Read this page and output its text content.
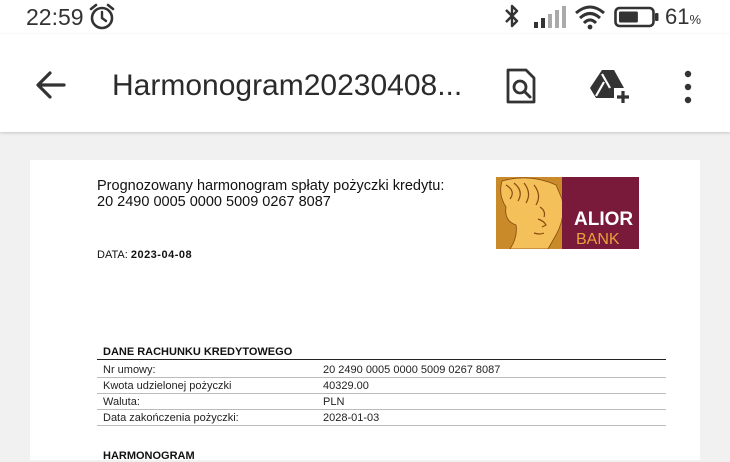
22:59	61%
Harmonogram20230408...
Prognozowany harmonogram spłaty pożyczki kredytu:
20 2490 0005 0000 5009 0267 8087
ALIOR
BANK
DATA: 2023-04-08
DANE RACHUNKU KREDYTOWEGO
Nr umowy:	20 2490 0005 0000 5009 0267 8087
Kwota udzielonej pożyczki	40329.00
Waluta:	PLN
Data zakończenia pożyczki:	2028-01-03
HARMONOGRAM
